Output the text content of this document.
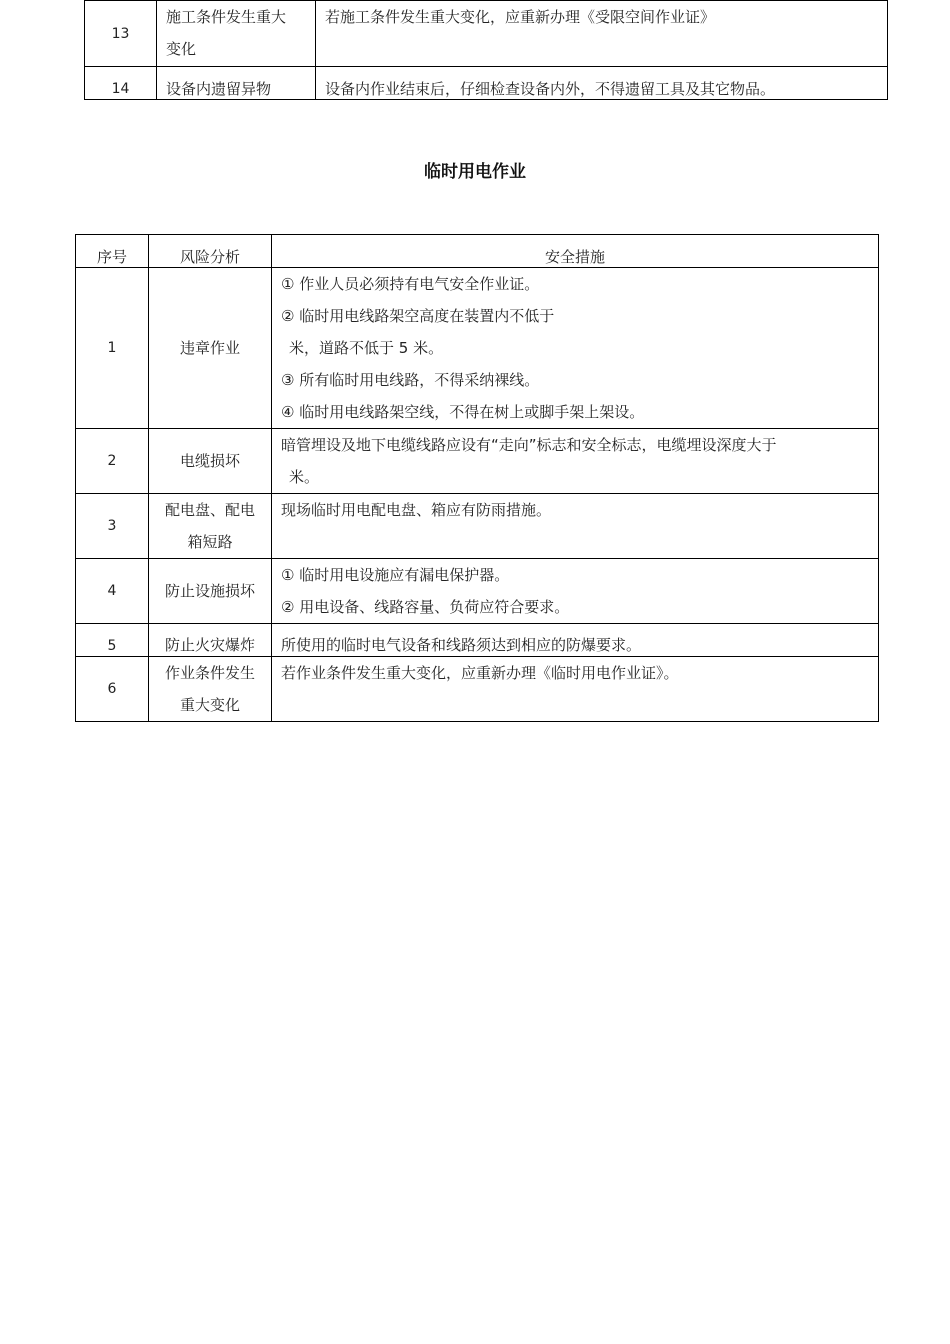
13	施工条件发生重大
变化	若施工条件发生重大变化，应重新办理《受限空间作业证》

14	设备内遗留异物	设备内作业结束后，仔细检查设备内外，不得遗留工具及其它物品。
临时用电作业
序号	风险分析	安全措施
1	违章作业	① 作业人员必须持有电气安全作业证。
② 临时用电线路架空高度在装置内不低于
米，道路不低于 5 米。
③ 所有临时用电线路，不得采纳裸线。
④ 临时用电线路架空线，不得在树上或脚手架上架设。

2	电缆损坏	暗管埋设及地下电缆线路应设有“走向”标志和安全标志，电缆埋设深度大于
米。

3	配电盘、配电
箱短路	现场临时用电配电盘、箱应有防雨措施。

4	防止设施损坏	① 临时用电设施应有漏电保护器。
② 用电设备、线路容量、负荷应符合要求。

5	防止火灾爆炸	所使用的临时电气设备和线路须达到相应的防爆要求。

6	作业条件发生
重大变化	若作业条件发生重大变化，应重新办理《临时用电作业证》。
